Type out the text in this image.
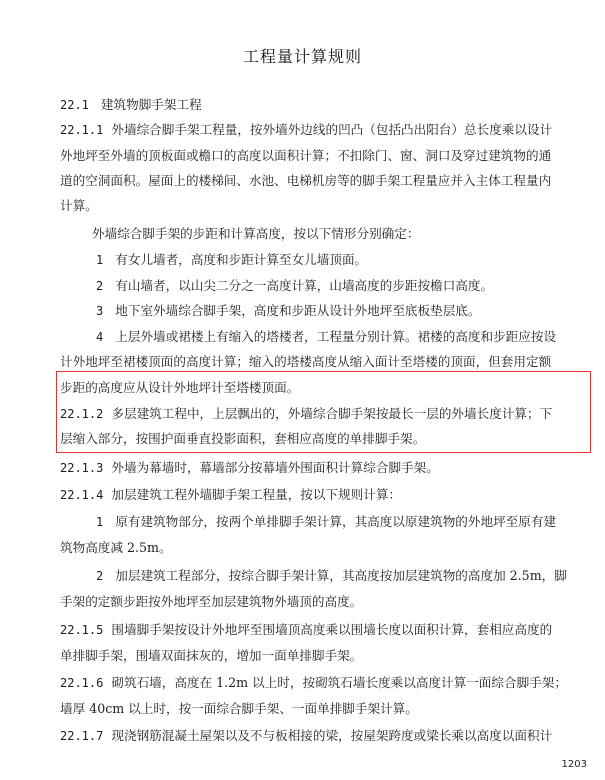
工程量计算规则
22.1 建筑物脚手架工程
22.1.1 外墙综合脚手架工程量，按外墙外边线的凹凸（包括凸出阳台）总长度乘以设计
外地坪至外墙的顶板面或檐口的高度以面积计算；不扣除门、窗、洞口及穿过建筑物的通
道的空洞面积。屋面上的楼梯间、水池、电梯机房等的脚手架工程量应并入主体工程量内
计算。
外墙综合脚手架的步距和计算高度，按以下情形分别确定：
1 有女儿墙者，高度和步距计算至女儿墙顶面。
2 有山墙者，以山尖二分之一高度计算，山墙高度的步距按檐口高度。
3 地下室外墙综合脚手架，高度和步距从设计外地坪至底板垫层底。
4 上层外墙或裙楼上有缩入的塔楼者，工程量分别计算。裙楼的高度和步距应按设
计外地坪至裙楼顶面的高度计算；缩入的塔楼高度从缩入面计至塔楼的顶面，但套用定额
步距的高度应从设计外地坪计至塔楼顶面。
22.1.2 多层建筑工程中，上层飘出的，外墙综合脚手架按最长一层的外墙长度计算；下
层缩入部分，按围护面垂直投影面积，套相应高度的单排脚手架。
22.1.3 外墙为幕墙时，幕墙部分按幕墙外围面积计算综合脚手架。
22.1.4 加层建筑工程外墙脚手架工程量，按以下规则计算：
1 原有建筑物部分，按两个单排脚手架计算，其高度以原建筑物的外地坪至原有建
筑物高度减 2.5m。
2 加层建筑工程部分，按综合脚手架计算，其高度按加层建筑物的高度加 2.5m，脚
手架的定额步距按外地坪至加层建筑物外墙顶的高度。
22.1.5 围墙脚手架按设计外地坪至围墙顶高度乘以围墙长度以面积计算，套相应高度的
单排脚手架，围墙双面抹灰的，增加一面单排脚手架。
22.1.6 砌筑石墙，高度在 1.2m 以上时，按砌筑石墙长度乘以高度计算一面综合脚手架；
墙厚 40cm 以上时，按一面综合脚手架、一面单排脚手架计算。
22.1.7 现浇钢筋混凝土屋架以及不与板相接的梁，按屋架跨度或梁长乘以高度以面积计
1203
